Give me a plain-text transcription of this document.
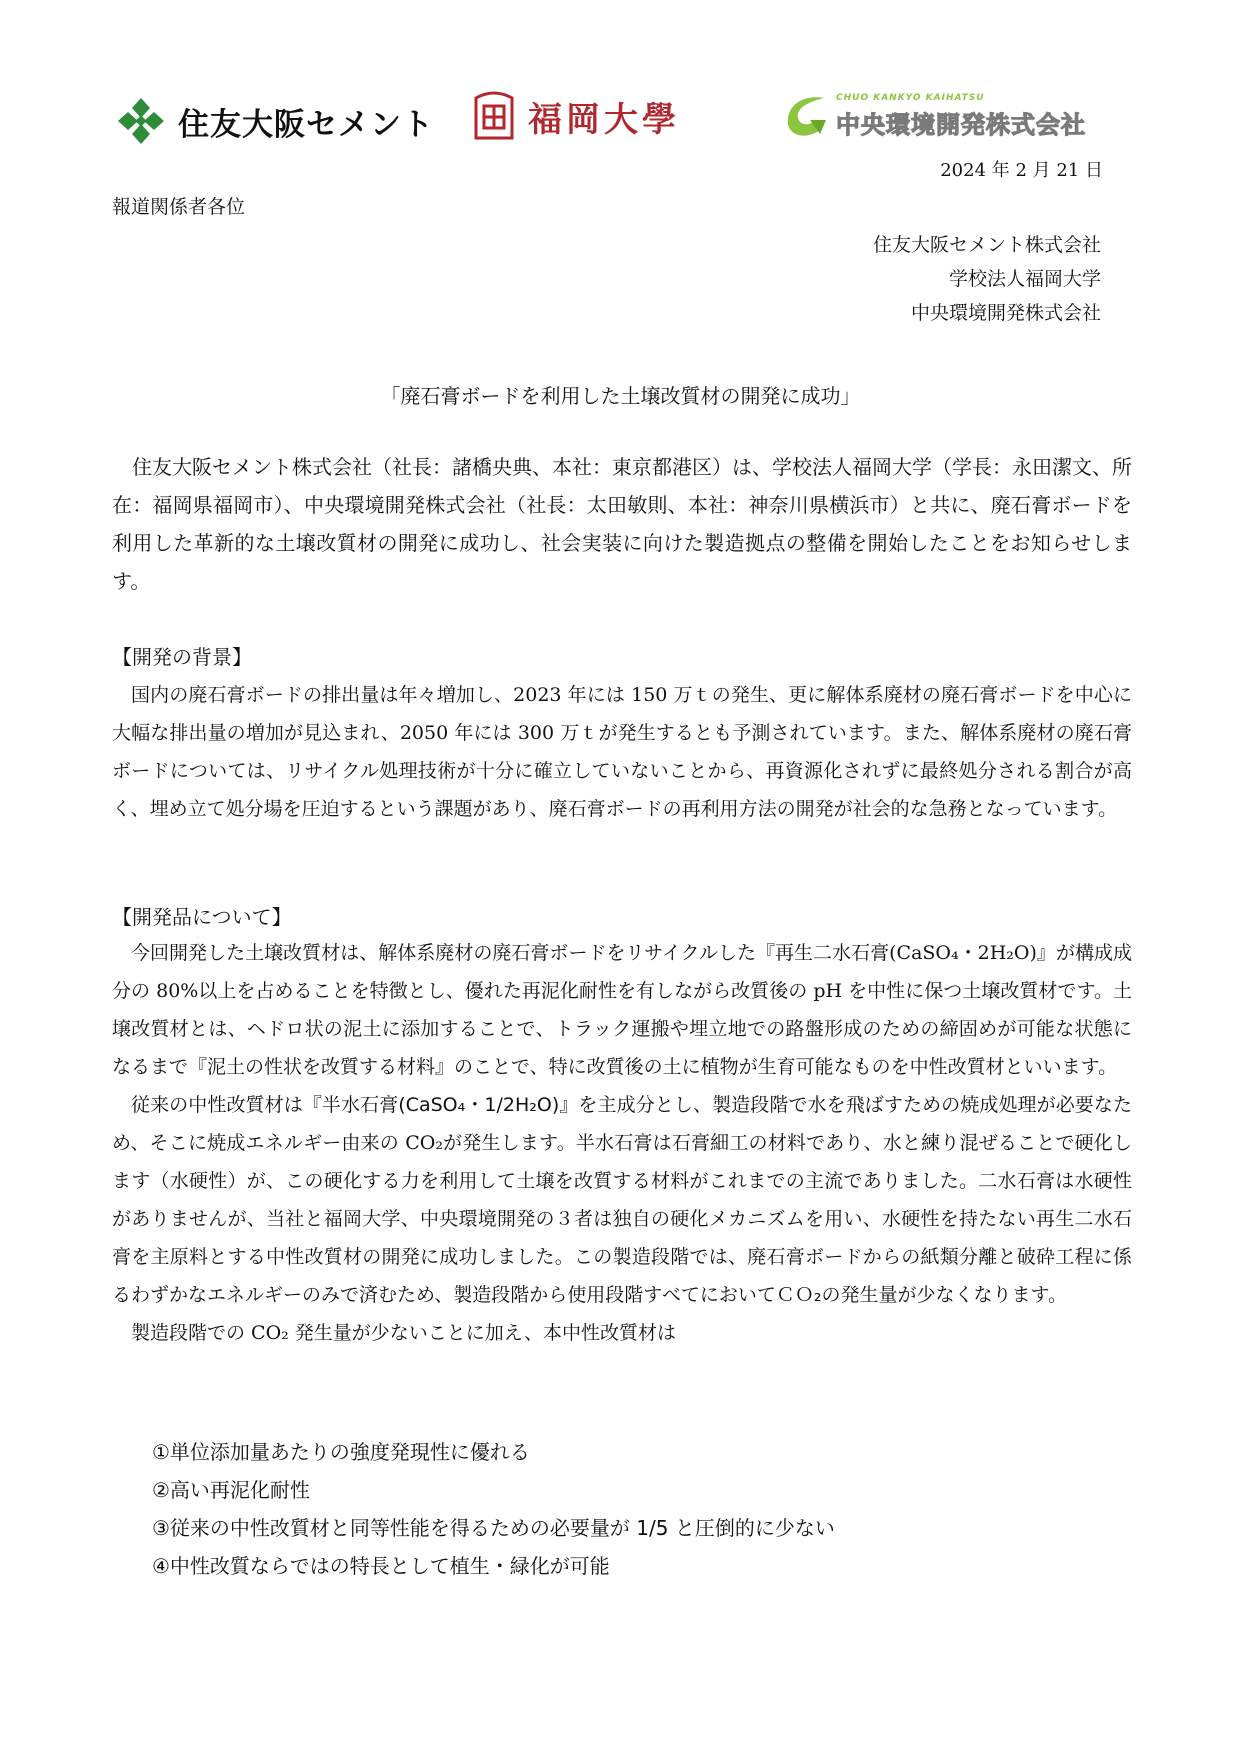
住友大阪セメント	福岡大學
CHUO KANKYO KAIHATSU
中央環境開発株式会社
2024 年 2 月 21 日
報道関係者各位
住友大阪セメント株式会社
学校法人福岡大学
中央環境開発株式会社
「廃石膏ボードを利用した土壌改質材の開発に成功」

住友大阪セメント株式会社（社長：諸橋央典、本社：東京都港区）は、学校法人福岡大学（学長：永田潔文、所在：福岡県福岡市）、中央環境開発株式会社（社長：太田敏則、本社：神奈川県横浜市）と共に、廃石膏ボードを利用した革新的な土壌改質材の開発に成功し、社会実装に向けた製造拠点の整備を開始したことをお知らせします。

【開発の背景】

国内の廃石膏ボードの排出量は年々増加し、2023 年には 150 万ｔの発生、更に解体系廃材の廃石膏ボードを中心に大幅な排出量の増加が見込まれ、2050 年には 300 万ｔが発生するとも予測されています。また、解体系廃材の廃石膏ボードについては、リサイクル処理技術が十分に確立していないことから、再資源化されずに最終処分される割合が高く、埋め立て処分場を圧迫するという課題があり、廃石膏ボードの再利用方法の開発が社会的な急務となっています。

【開発品について】

今回開発した土壌改質材は、解体系廃材の廃石膏ボードをリサイクルした『再生二水石膏(CaSO₄・2H₂O)』が構成成分の 80%以上を占めることを特徴とし、優れた再泥化耐性を有しながら改質後の pH を中性に保つ土壌改質材です。土壌改質材とは、ヘドロ状の泥土に添加することで、トラック運搬や埋立地での路盤形成のための締固めが可能な状態になるまで『泥土の性状を改質する材料』のことで、特に改質後の土に植物が生育可能なものを中性改質材といいます。

従来の中性改質材は『半水石膏(CaSO₄・1/2H₂O)』を主成分とし、製造段階で水を飛ばすための焼成処理が必要なため、そこに焼成エネルギー由来の CO₂が発生します。半水石膏は石膏細工の材料であり、水と練り混ぜることで硬化します（水硬性）が、この硬化する力を利用して土壌を改質する材料がこれまでの主流でありました。二水石膏は水硬性がありませんが、当社と福岡大学、中央環境開発の３者は独自の硬化メカニズムを用い、水硬性を持たない再生二水石膏を主原料とする中性改質材の開発に成功しました。この製造段階では、廃石膏ボードからの紙類分離と破砕工程に係るわずかなエネルギーのみで済むため、製造段階から使用段階すべてにおいてＣＯ₂の発生量が少なくなります。

製造段階での CO₂ 発生量が少ないことに加え、本中性改質材は

①単位添加量あたりの強度発現性に優れる
②高い再泥化耐性
③従来の中性改質材と同等性能を得るための必要量が 1/5 と圧倒的に少ない
④中性改質ならではの特長として植生・緑化が可能
